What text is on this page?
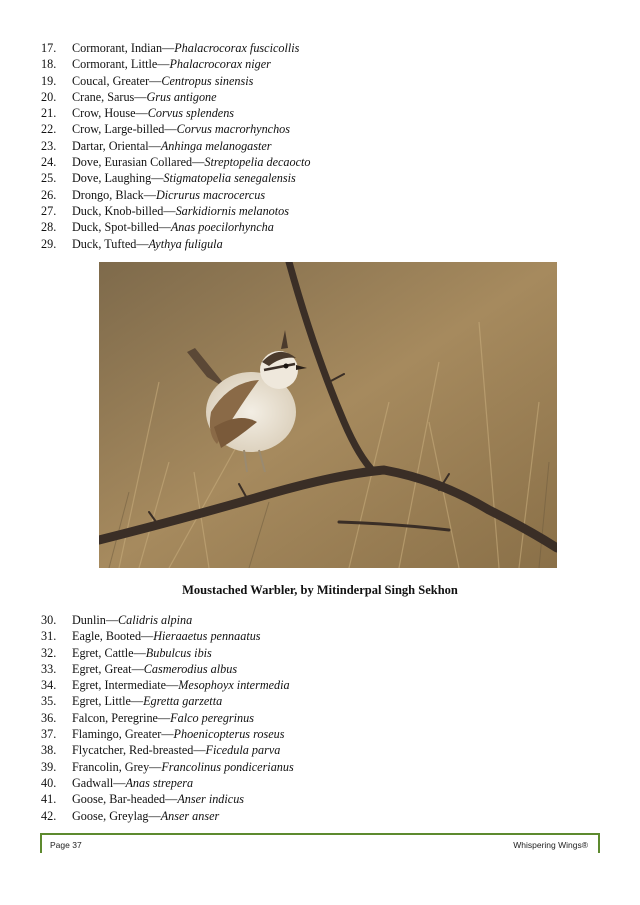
17. Cormorant, Indian—Phalacrocorax fuscicollis
18. Cormorant, Little—Phalacrocorax niger
19. Coucal, Greater—Centropus sinensis
20. Crane, Sarus—Grus antigone
21. Crow, House—Corvus splendens
22. Crow, Large-billed—Corvus macrorhynchos
23. Dartar, Oriental—Anhinga melanogaster
24. Dove, Eurasian Collared—Streptopelia decaocto
25. Dove, Laughing—Stigmatopelia senegalensis
26. Drongo, Black—Dicrurus macrocercus
27. Duck, Knob-billed—Sarkidiornis melanotos
28. Duck, Spot-billed—Anas poecilorhyncha
29. Duck, Tufted—Aythya fuligula
Moustached Warbler, by Mitinderpal Singh Sekhon
30. Dunlin—Calidris alpina
31. Eagle, Booted—Hieraaetus pennaatus
32. Egret, Cattle—Bubulcus ibis
33. Egret, Great—Casmerodius albus
34. Egret, Intermediate—Mesophoyx intermedia
35. Egret, Little—Egretta garzetta
36. Falcon, Peregrine—Falco peregrinus
37. Flamingo, Greater—Phoenicopterus roseus
38. Flycatcher, Red-breasted—Ficedula parva
39. Francolin, Grey—Francolinus pondicerianus
40. Gadwall—Anas strepera
41. Goose, Bar-headed—Anser indicus
42. Goose, Greylag—Anser anser
Page 37	Whispering Wings®
